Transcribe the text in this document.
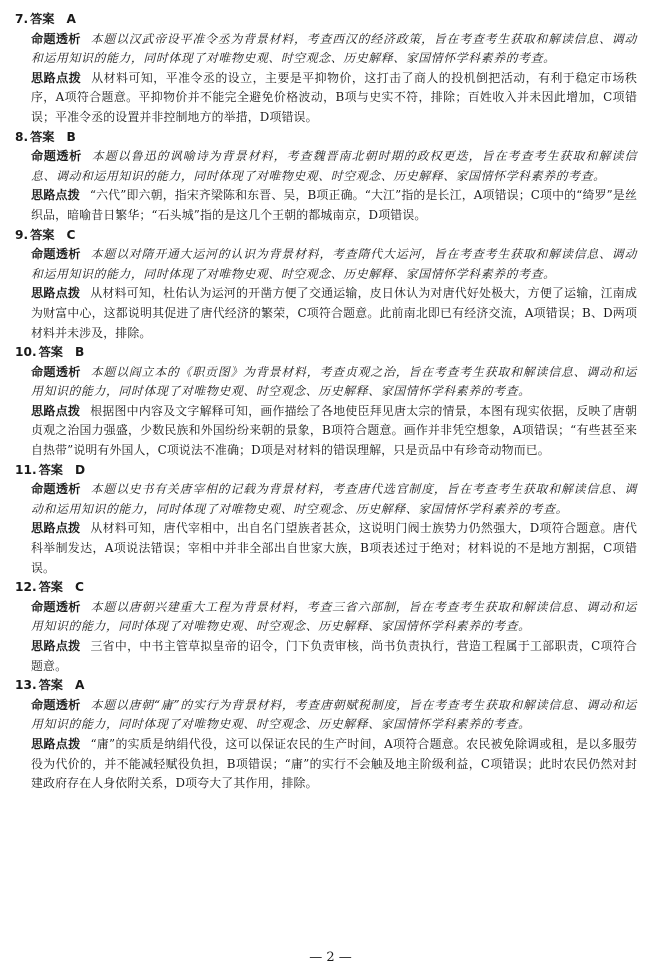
7. 答案 A
命题透析 本题以汉武帝设平准令丞为背景材料，考查西汉的经济政策，旨在考查考生获取和解读信息、调动和运用知识的能力，同时体现了对唯物史观、时空观念、历史解释、家国情怀学科素养的考查。
思路点拨 从材料可知，平准令丞的设立，主要是平抑物价，这打击了商人的投机倒把活动，有利于稳定市场秩序，A项符合题意。平抑物价并不能完全避免价格波动，B项与史实不符，排除；百姓收入并未因此增加，C项错误；平准令丞的设置并非控制地方的举措，D项错误。
8. 答案 B
命题透析 本题以鲁迅的讽喻诗为背景材料，考查魏晋南北朝时期的政权更迭，旨在考查考生获取和解读信息、调动和运用知识的能力，同时体现了对唯物史观、时空观念、历史解释、家国情怀学科素养的考查。
思路点拨 “六代”即六朝，指宋齐梁陈和东晋、吴，B项正确。“大江”指的是长江，A项错误；C项中的“绮罗”是丝织品，暗喻昔日繁华；“石头城”指的是这几个王朝的都城南京，D项错误。
9. 答案 C
命题透析 本题以对隋开通大运河的认识为背景材料，考查隋代大运河，旨在考查考生获取和解读信息、调动和运用知识的能力，同时体现了对唯物史观、时空观念、历史解释、家国情怀学科素养的考查。
思路点拨 从材料可知，杜佑认为运河的开凿方便了交通运输，皮日休认为对唐代好处极大，方便了运输，江南成为财富中心，这都说明其促进了唐代经济的繁荣，C项符合题意。此前南北即已有经济交流，A项错误；B、D两项材料并未涉及，排除。
10. 答案 B
命题透析 本题以阎立本的《职贡图》为背景材料，考查贞观之治，旨在考查考生获取和解读信息、调动和运用知识的能力，同时体现了对唯物史观、时空观念、历史解释、家国情怀学科素养的考查。
思路点拨 根据图中内容及文字解释可知，画作描绘了各地使臣拜见唐太宗的情景，本图有现实依据，反映了唐朝贞观之治国力强盛，少数民族和外国纷纷来朝的景象，B项符合题意。画作并非凭空想象，A项错误；“有些甚至来自热带”说明有外国人，C项说法不准确；D项是对材料的错误理解，只是贡品中有珍奇动物而已。
11. 答案 D
命题透析 本题以史书有关唐宰相的记载为背景材料，考查唐代选官制度，旨在考查考生获取和解读信息、调动和运用知识的能力，同时体现了对唯物史观、时空观念、历史解释、家国情怀学科素养的考查。
思路点拨 从材料可知，唐代宰相中，出自名门望族者甚众，这说明门阀士族势力仍然强大，D项符合题意。唐代科举制发达，A项说法错误；宰相中并非全部出自世家大族，B项表述过于绝对；材料说的不是地方割据，C项错误。
12. 答案 C
命题透析 本题以唐朝兴建重大工程为背景材料，考查三省六部制，旨在考查考生获取和解读信息、调动和运用知识的能力，同时体现了对唯物史观、时空观念、历史解释、家国情怀学科素养的考查。
思路点拨 三省中，中书主管草拟皇帝的诏令，门下负责审核，尚书负责执行，营造工程属于工部职责，C项符合题意。
13. 答案 A
命题透析 本题以唐朝“庸”的实行为背景材料，考查唐朝赋税制度，旨在考查考生获取和解读信息、调动和运用知识的能力，同时体现了对唯物史观、时空观念、历史解释、家国情怀学科素养的考查。
思路点拨 “庸”的实质是纳绢代役，这可以保证农民的生产时间，A项符合题意。农民被免除调或租，是以多服劳役为代价的，并不能减轻赋役负担，B项错误；“庸”的实行不会触及地主阶级利益，C项错误；此时农民仍然对封建政府存在人身依附关系，D项夸大了其作用，排除。
— 2 —
